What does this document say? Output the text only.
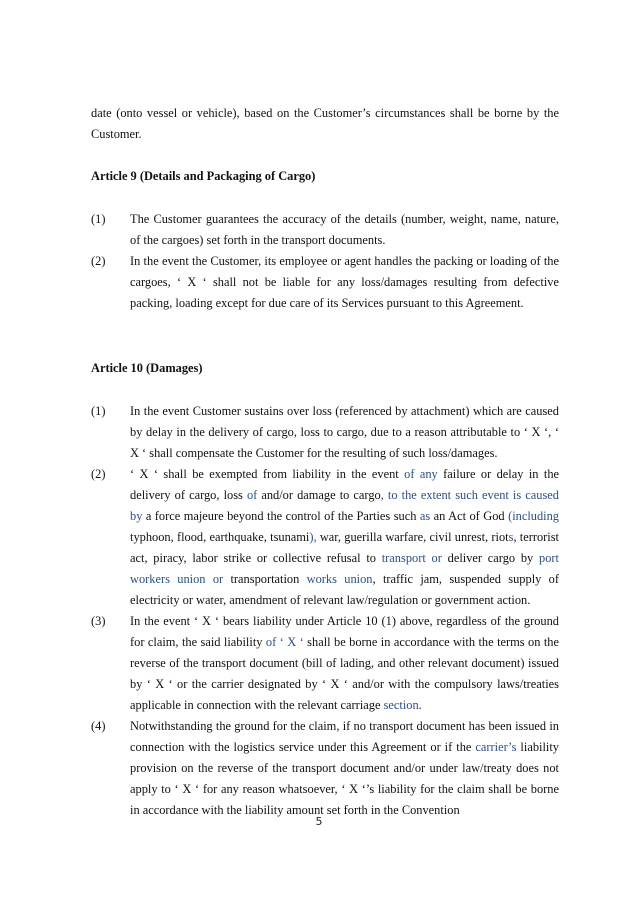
date (onto vessel or vehicle), based on the Customer’s circumstances shall be borne by the Customer.

Article 9 (Details and Packaging of Cargo)

(1)	The Customer guarantees the accuracy of the details (number, weight, name, nature, of the cargoes) set forth in the transport documents.
(2)	In the event the Customer, its employee or agent handles the packing or loading of the cargoes, ‘ X ‘ shall not be liable for any loss/damages resulting from defective packing, loading except for due care of its Services pursuant to this Agreement.

Article 10 (Damages)

(1)	In the event Customer sustains over loss (referenced by attachment) which are caused by delay in the delivery of cargo, loss to cargo, due to a reason attributable to ‘ X ‘, ‘ X ‘ shall compensate the Customer for the resulting of such loss/damages.
(2)	‘ X ‘ shall be exempted from liability in the event of any failure or delay in the delivery of cargo, loss of and/or damage to cargo, to the extent such event is caused by a force majeure beyond the control of the Parties such as an Act of God (including typhoon, flood, earthquake, tsunami), war, guerilla warfare, civil unrest, riots, terrorist act, piracy, labor strike or collective refusal to transport or deliver cargo by port workers union or transportation works union, traffic jam, suspended supply of electricity or water, amendment of relevant law/regulation or government action.
(3)	In the event ‘ X ‘ bears liability under Article 10 (1) above, regardless of the ground for claim, the said liability of ‘ X ‘ shall be borne in accordance with the terms on the reverse of the transport document (bill of lading, and other relevant document) issued by ‘ X ‘ or the carrier designated by ‘ X ‘ and/or with the compulsory laws/treaties applicable in connection with the relevant carriage section.
(4)	Notwithstanding the ground for the claim, if no transport document has been issued in connection with the logistics service under this Agreement or if the carrier’s liability provision on the reverse of the transport document and/or under law/treaty does not apply to ‘ X ‘ for any reason whatsoever, ‘ X ‘’s liability for the claim shall be borne in accordance with the liability amount set forth in the Convention
5
